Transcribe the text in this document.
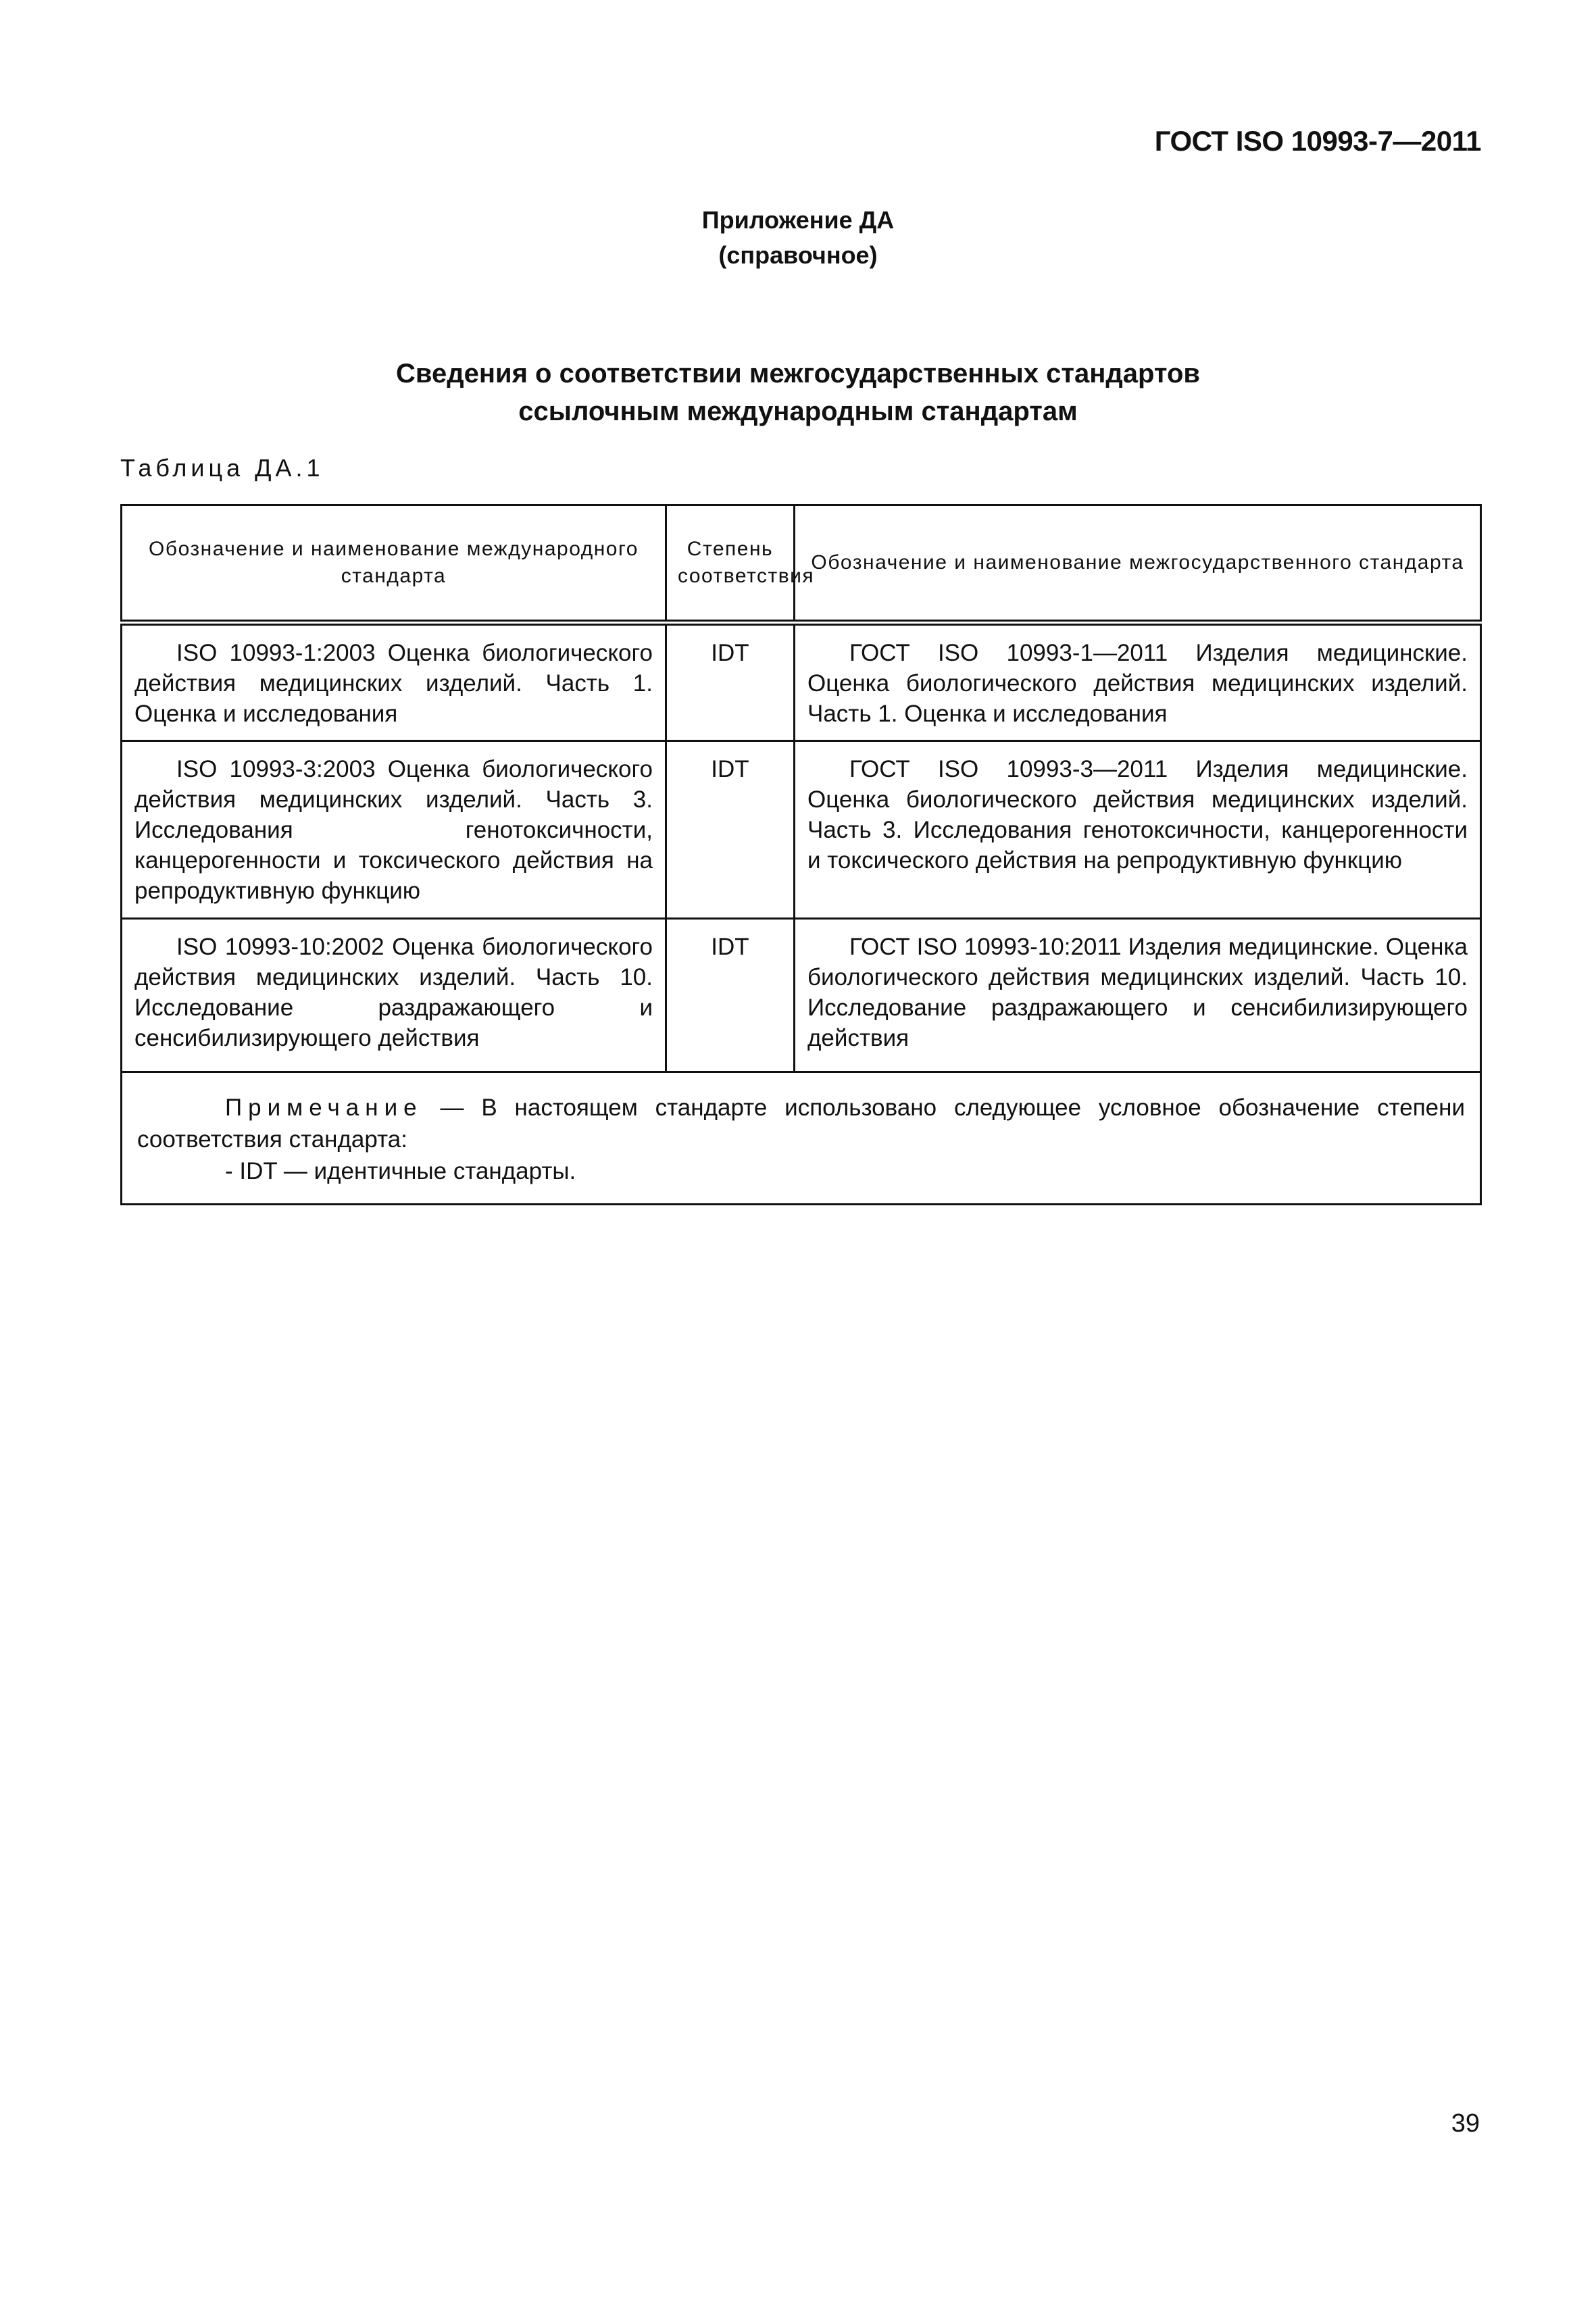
ГОСТ ISO 10993-7—2011
Приложение ДА
(справочное)
Сведения о соответствии межгосударственных стандартов
ссылочным международным стандартам
Таблица ДА.1
Обозначение и наименование международного стандарта	Степень соответствия	Обозначение и наименование межгосударственного стандарта
ISO 10993-1:2003 Оценка биологического действия медицинских изделий. Часть 1. Оценка и исследования	IDT	ГОСТ ISO 10993-1—2011 Изделия медицинские. Оценка биологического действия медицинских изделий. Часть 1. Оценка и исследования
ISO 10993-3:2003 Оценка биологического действия медицинских изделий. Часть 3. Исследования генотоксичности, канцерогенности и токсического действия на репродуктивную функцию	IDT	ГОСТ ISO 10993-3—2011 Изделия медицинские. Оценка биологического действия медицинских изделий. Часть 3. Исследования генотоксичности, канцерогенности и токсического действия на репродуктивную функцию
ISO 10993-10:2002 Оценка биологического действия медицинских изделий. Часть 10. Исследование раздражающего и сенсибилизирующего действия	IDT	ГОСТ ISO 10993-10:2011 Изделия медицинские. Оценка биологического действия медицинских изделий. Часть 10. Исследование раздражающего и сенсибилизирующего действия

Примечание — В настоящем стандарте использовано следующее условное обозначение степени соответствия стандарта:
- IDT — идентичные стандарты.		
39
